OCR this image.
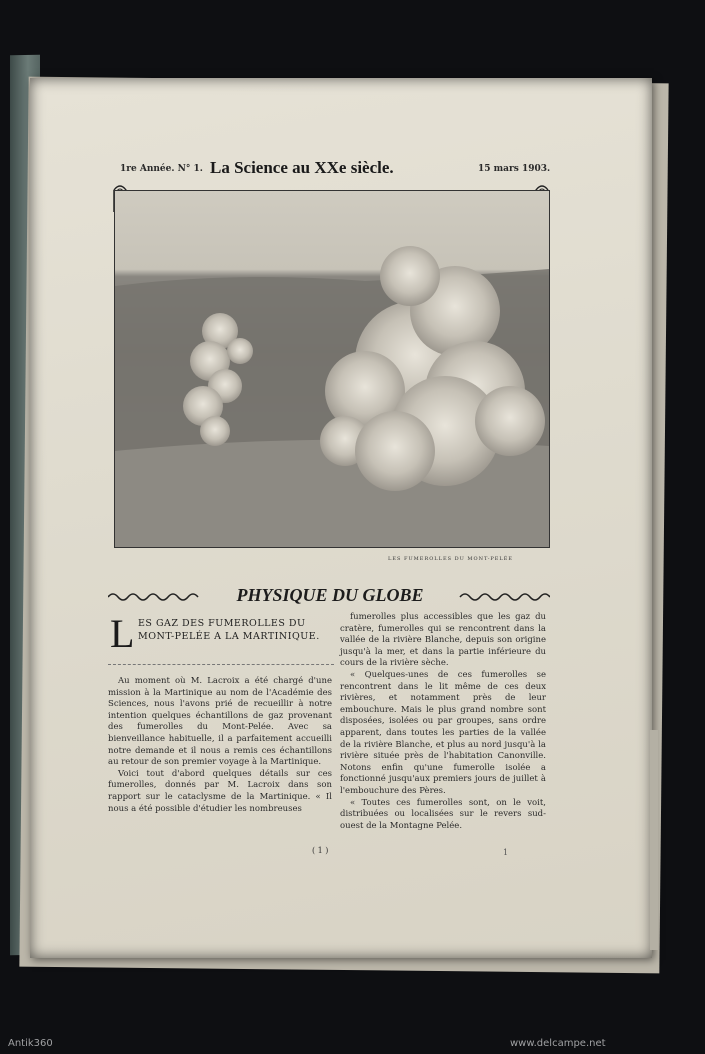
1re Année. N° 1. La Science au XXe siècle.	15 mars 1903.
LES FUMEROLLES DU MONT-PELÉE
PHYSIQUE DU GLOBE
L ES GAZ DES FUMEROLLES DU MONT-PELÉE A LA MARTINIQUE.

Au moment où M. Lacroix a été chargé d'une mission à la Martinique au nom de l'Académie des Sciences, nous l'avons prié de recueillir à notre intention quelques échantillons de gaz provenant des fumerolles du Mont-Pelée. Avec sa bienveillance habituelle, il a parfaitement accueilli notre demande et il nous a remis ces échantillons au retour de son premier voyage à la Martinique.

Voici tout d'abord quelques détails sur ces fumerolles, donnés par M. Lacroix dans son rapport sur le cataclysme de la Martinique. « Il nous a été possible d'étudier les nombreuses

fumerolles plus accessibles que les gaz du cratère, fumerolles qui se rencontrent dans la vallée de la rivière Blanche, depuis son origine jusqu'à la mer, et dans la partie inférieure du cours de la rivière sèche.

« Quelques-unes de ces fumerolles se rencontrent dans le lit même de ces deux rivières, et notamment près de leur embouchure. Mais le plus grand nombre sont disposées, isolées ou par groupes, sans ordre apparent, dans toutes les parties de la vallée de la rivière Blanche, et plus au nord jusqu'à la rivière située près de l'habitation Canonville. Notons enfin qu'une fumerolle isolée a fonctionné jusqu'aux premiers jours de juillet à l'embouchure des Pères.

« Toutes ces fumerolles sont, on le voit, distribuées ou localisées sur le revers sud-ouest de la Montagne Pelée.

( 1 )	1
Antik360	www.delcampe.net
